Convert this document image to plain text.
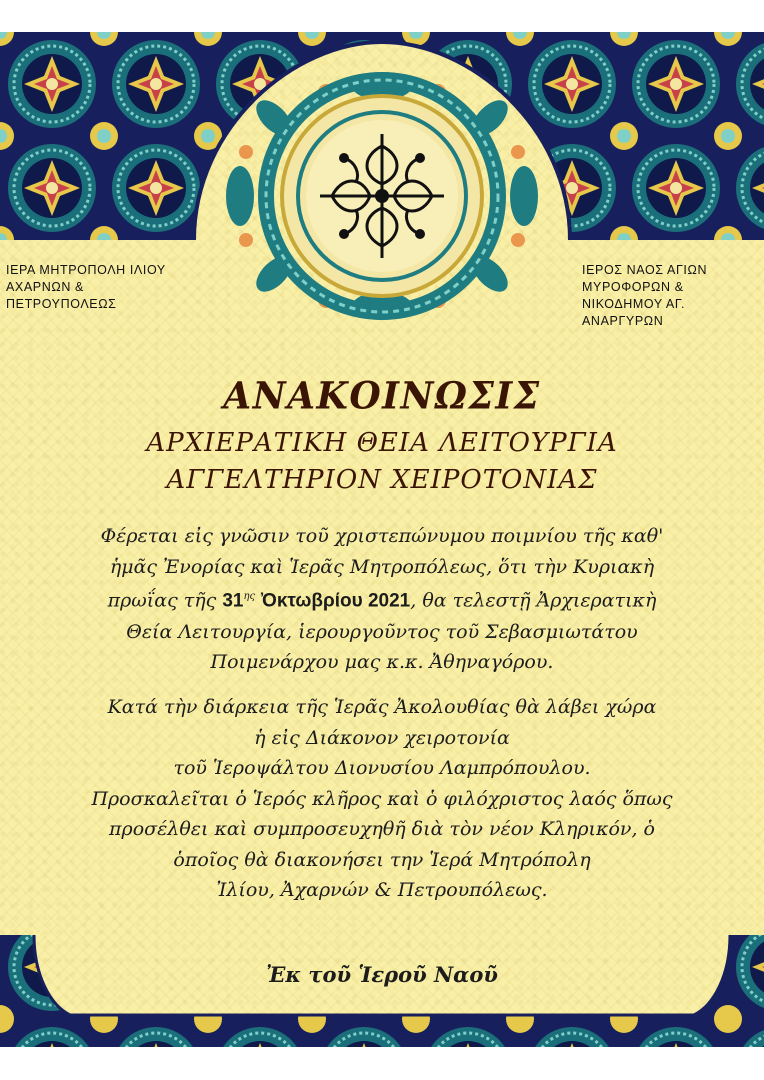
ΙΕΡΑ ΜΗΤΡΟΠΟΛΗ ΙΛΙΟΥ
ΑΧΑΡΝΩΝ &
ΠΕΤΡΟΥΠΟΛΕΩΣ
ΙΕΡΟΣ ΝΑΟΣ ΑΓΙΩΝ
ΜΥΡΟΦΟΡΩΝ &
ΝΙΚΟΔΗΜΟΥ ΑΓ.
ΑΝΑΡΓΥΡΩΝ
ΑΝΑΚΟΙΝΩΣΙΣ
ΑΡΧΙΕΡΑΤΙΚΗ ΘΕΙΑ ΛΕΙΤΟΥΡΓΙΑ
ΑΓΓΕΛΤΗΡΙΟΝ ΧΕΙΡΟΤΟΝΙΑΣ
Φέρεται εἰς γνῶσιν τοῦ χριστεπώνυμου ποιμνίου τῆς καθ'
ἡμᾶς Ἐνορίας καὶ Ἱερᾶς Μητροπόλεως, ὅτι τὴν Κυριακὴ
πρωΐας τῆς $31^{\eta\varsigma}$ Ὀκτωβρίου 2021, θα τελεστῇ Ἀρχιερατικὴ
Θεία Λειτουργία, ἱερουργοῦντος τοῦ Σεβασμιωτάτου
Ποιμενάρχου μας κ.κ. Ἀθηναγόρου.
Κατά τὴν διάρκεια τῆς Ἱερᾶς Ἀκολουθίας θὰ λάβει χώρα
ἡ εἰς Διάκονον χειροτονία
τοῦ Ἱεροψάλτου Διονυσίου Λαμπρόπουλου.
Προσκαλεῖται ὁ Ἱερός κλῆρος καὶ ὁ φιλόχριστος λαός ὅπως
προσέλθει καὶ συμπροσευχηθῆ διὰ τὸν νέον Κληρικόν, ὁ
ὁποῖος θὰ διακονήσει την Ἱερά Μητρόπολη
Ἰλίου, Ἀχαρνών & Πετρουπόλεως.
Ἐκ τοῦ Ἱεροῦ Ναοῦ
